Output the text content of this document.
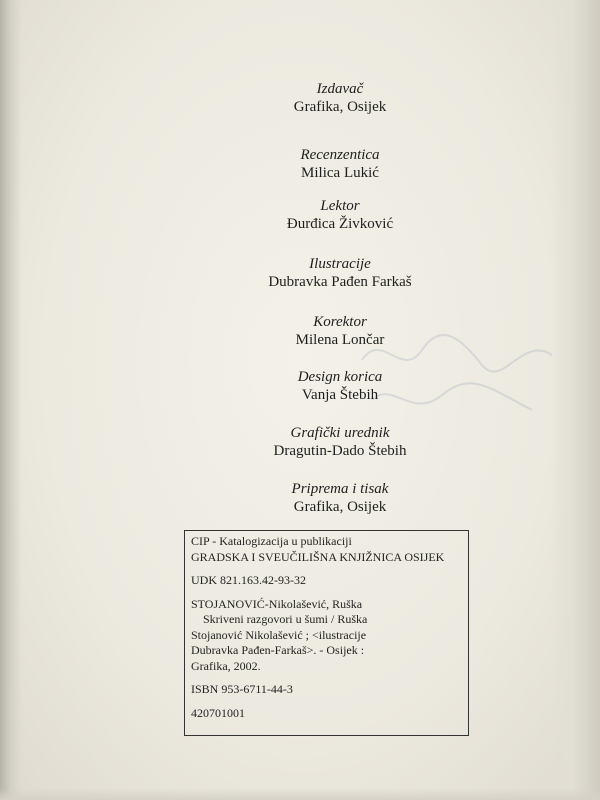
Izdavač
Grafika, Osijek
Recenzentica
Milica Lukić
Lektor
Đurđica Živković
Ilustracije
Dubravka Pađen Farkaš
Korektor
Milena Lončar
Design korica
Vanja Štebih
Grafički urednik
Dragutin-Dado Štebih
Priprema i tisak
Grafika, Osijek
CIP - Katalogizacija u publikaciji
GRADSKA I SVEUČILIŠNA KNJIŽNICA OSIJEK
UDK 821.163.42-93-32
STOJANOVIĆ-Nikolašević, Ruška
Skriveni razgovori u šumi / Ruška
Stojanović Nikolašević ; <ilustracije
Dubravka Pađen-Farkaš>. - Osijek :
Grafika, 2002.
ISBN 953-6711-44-3
420701001
